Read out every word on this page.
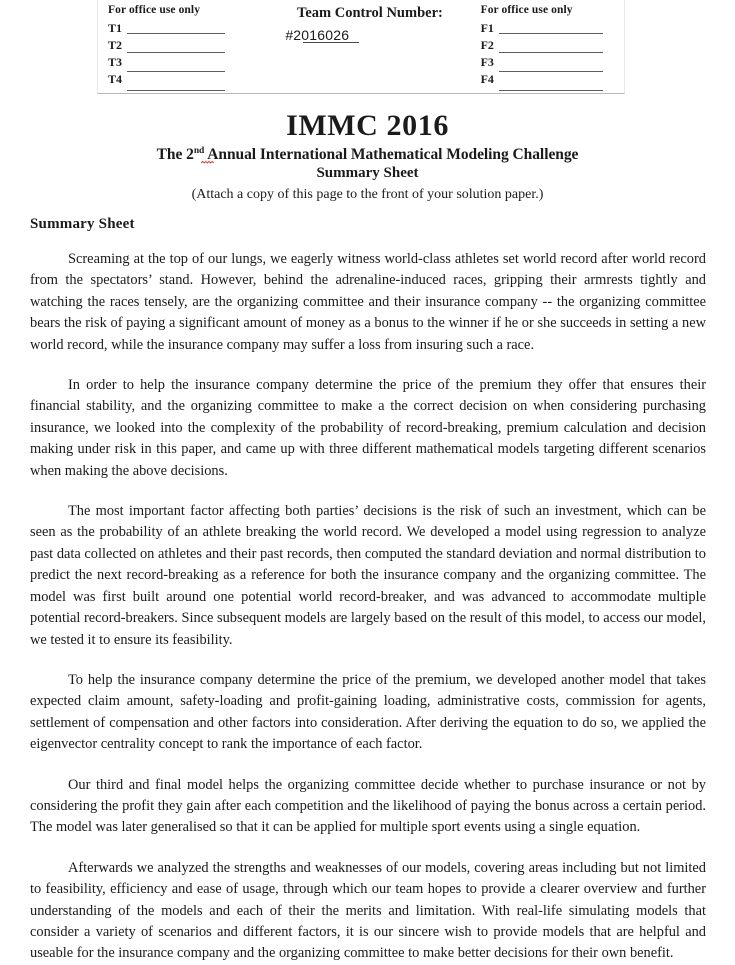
For office use only
T1
T2
T3
T4
Team Control Number:
#2016026
For office use only
F1
F2
F3
F4
IMMC 2016
The 2nd
Annual International Mathematical Modeling Challenge
Summary Sheet
(Attach a copy of this page to the front of your solution paper.)
Summary Sheet

Screaming at the top of our lungs, we eagerly witness world-class athletes set world record after world record from the spectators’ stand. However, behind the adrenaline-induced races, gripping their armrests tightly and watching the races tensely, are the organizing committee and their insurance company -- the organizing committee bears the risk of paying a significant amount of money as a bonus to the winner if he or she succeeds in setting a new world record, while the insurance company may suffer a loss from insuring such a race.

In order to help the insurance company determine the price of the premium they offer that ensures their financial stability, and the organizing committee to make a the correct decision on when considering purchasing insurance, we looked into the complexity of the probability of record-breaking, premium calculation and decision making under risk in this paper, and came up with three different mathematical models targeting different scenarios when making the above decisions.

The most important factor affecting both parties’ decisions is the risk of such an investment, which can be seen as the probability of an athlete breaking the world record. We developed a model using regression to analyze past data collected on athletes and their past records, then computed the standard deviation and normal distribution to predict the next record-breaking as a reference for both the insurance company and the organizing committee. The model was first built around one potential world record-breaker, and was advanced to accommodate multiple potential record-breakers. Since subsequent models are largely based on the result of this model, to access our model, we tested it to ensure its feasibility.

To help the insurance company determine the price of the premium, we developed another model that takes expected claim amount, safety-loading and profit-gaining loading, administrative costs, commission for agents, settlement of compensation and other factors into consideration. After deriving the equation to do so, we applied the eigenvector centrality concept to rank the importance of each factor.

Our third and final model helps the organizing committee decide whether to purchase insurance or not by considering the profit they gain after each competition and the likelihood of paying the bonus across a certain period. The model was later generalised so that it can be applied for multiple sport events using a single equation.

Afterwards we analyzed the strengths and weaknesses of our models, covering areas including but not limited to feasibility, efficiency and ease of usage, through which our team hopes to provide a clearer overview and further understanding of the models and each of their the merits and limitation. With real-life simulating models that consider a variety of scenarios and different factors, it is our sincere wish to provide models that are helpful and useable for the insurance company and the organizing committee to make better decisions for their own benefit.
